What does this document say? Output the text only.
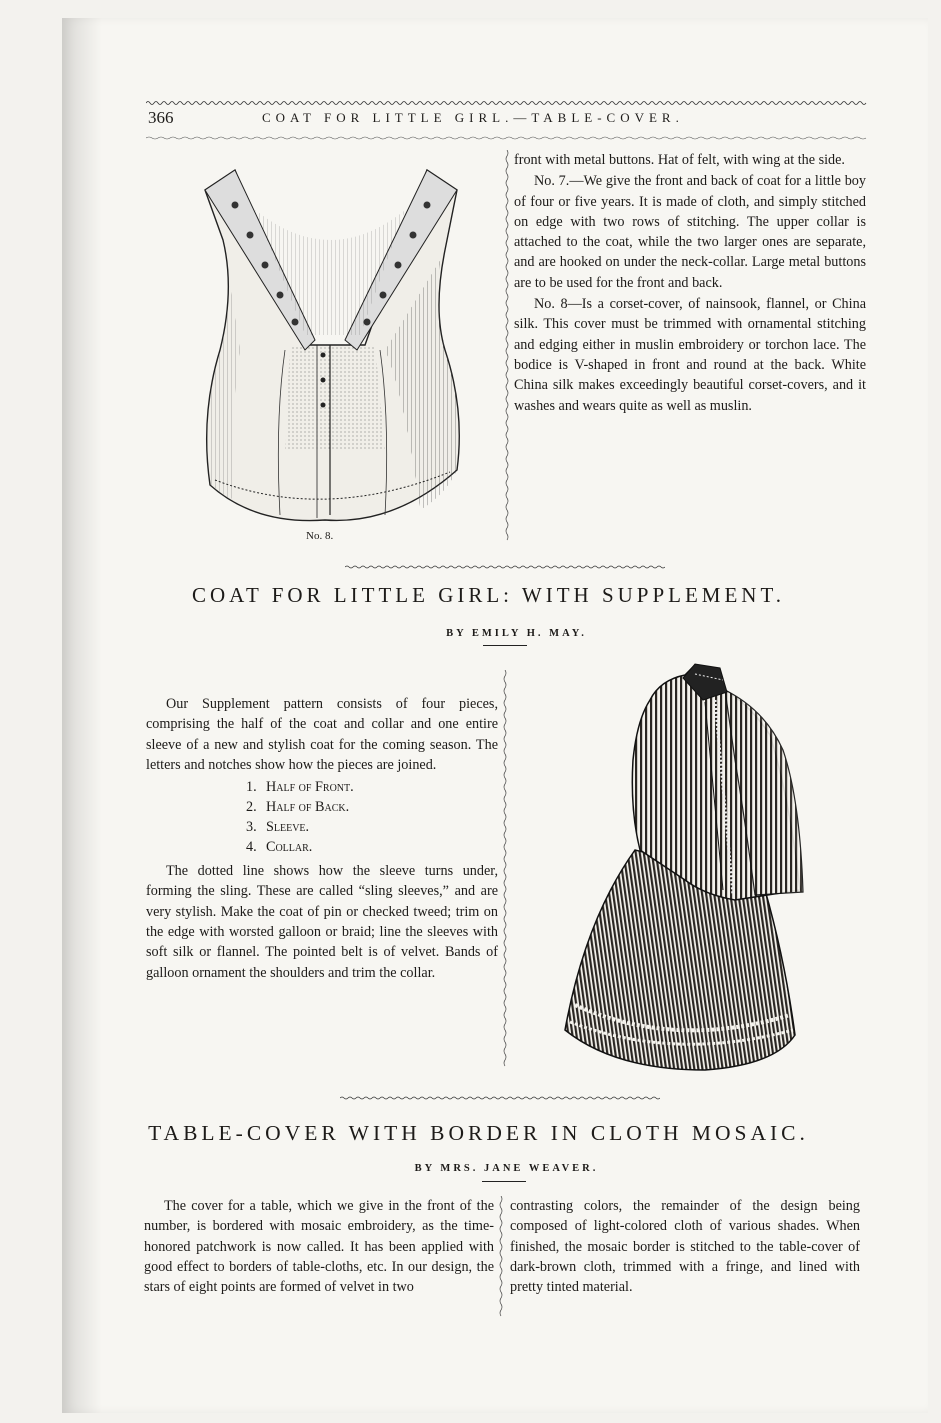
366	COAT FOR LITTLE GIRL.—TABLE-COVER.
No. 8.

front with metal buttons. Hat of felt, with wing at the side.

No. 7.—We give the front and back of coat for a little boy of four or five years. It is made of cloth, and simply stitched on edge with two rows of stitching. The upper collar is attached to the coat, while the two larger ones are separate, and are hooked on under the neck-collar. Large metal buttons are to be used for the front and back.

No. 8—Is a corset-cover, of nainsook, flannel, or China silk. This cover must be trimmed with ornamental stitching and edging either in muslin embroidery or torchon lace. The bodice is V-shaped in front and round at the back. White China silk makes exceedingly beautiful corset-covers, and it washes and wears quite as well as muslin.

COAT FOR LITTLE GIRL: WITH SUPPLEMENT.
BY EMILY H. MAY.

Our Supplement pattern consists of four pieces, comprising the half of the coat and collar and one entire sleeve of a new and stylish coat for the coming season. The letters and notches show how the pieces are joined.

1. Half of Front.
2. Half of Back.
3. Sleeve.
4. Collar.

The dotted line shows how the sleeve turns under, forming the sling. These are called “sling sleeves,” and are very stylish. Make the coat of pin or checked tweed; trim on the edge with worsted galloon or braid; line the sleeves with soft silk or flannel. The pointed belt is of velvet. Bands of galloon ornament the shoulders and trim the collar.

TABLE-COVER WITH BORDER IN CLOTH MOSAIC.
BY MRS. JANE WEAVER.

The cover for a table, which we give in the front of the number, is bordered with mosaic embroidery, as the time-honored patchwork is now called. It has been applied with good effect to borders of table-cloths, etc. In our design, the stars of eight points are formed of velvet in two

contrasting colors, the remainder of the design being composed of light-colored cloth of various shades. When finished, the mosaic border is stitched to the table-cover of dark-brown cloth, trimmed with a fringe, and lined with pretty tinted material.
